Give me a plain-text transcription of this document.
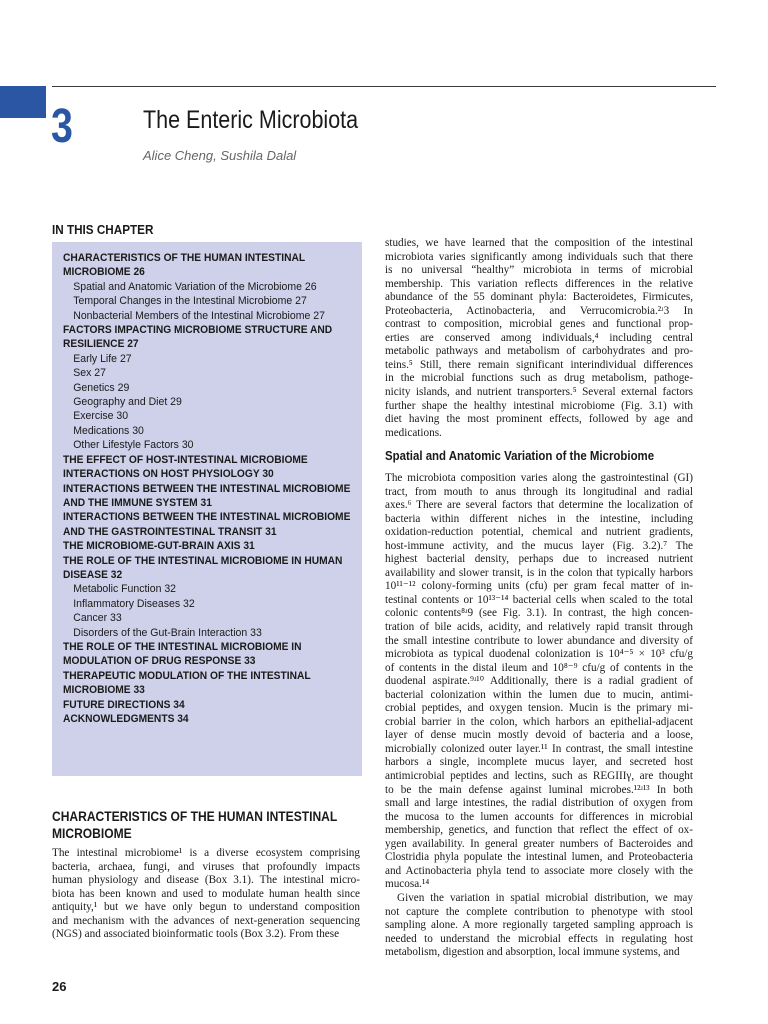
3	The Enteric Microbiota
Alice Cheng, Sushila Dalal
IN THIS CHAPTER
CHARACTERISTICS OF THE HUMAN INTESTINAL
MICROBIOME 26
Spatial and Anatomic Variation of the Microbiome 26
Temporal Changes in the Intestinal Microbiome 27
Nonbacterial Members of the Intestinal Microbiome 27
FACTORS IMPACTING MICROBIOME STRUCTURE AND
RESILIENCE 27
Early Life 27
Sex 27
Genetics 29
Geography and Diet 29
Exercise 30
Medications 30
Other Lifestyle Factors 30
THE EFFECT OF HOST-INTESTINAL MICROBIOME
INTERACTIONS ON HOST PHYSIOLOGY 30
INTERACTIONS BETWEEN THE INTESTINAL MICROBIOME
AND THE IMMUNE SYSTEM 31
INTERACTIONS BETWEEN THE INTESTINAL MICROBIOME
AND THE GASTROINTESTINAL TRANSIT 31
THE MICROBIOME-GUT-BRAIN AXIS 31
THE ROLE OF THE INTESTINAL MICROBIOME IN HUMAN
DISEASE 32
Metabolic Function 32
Inflammatory Diseases 32
Cancer 33
Disorders of the Gut-Brain Interaction 33
THE ROLE OF THE INTESTINAL MICROBIOME IN
MODULATION OF DRUG RESPONSE 33
THERAPEUTIC MODULATION OF THE INTESTINAL
MICROBIOME 33
FUTURE DIRECTIONS 34
ACKNOWLEDGMENTS 34
CHARACTERISTICS OF THE HUMAN INTESTINAL
MICROBIOME
The intestinal microbiome¹ is a diverse ecosystem comprising
bacteria, archaea, fungi, and viruses that profoundly impacts
human physiology and disease (Box 3.1). The intestinal micro-
biota has been known and used to modulate human health since
antiquity,¹ but we have only begun to understand composition
and mechanism with the advances of next-generation sequencing
(NGS) and associated bioinformatic tools (Box 3.2). From these
studies, we have learned that the composition of the intestinal
microbiota varies significantly among individuals such that there
is no universal “healthy” microbiota in terms of microbial
membership. This variation reflects differences in the relative
abundance of the 55 dominant phyla: Bacteroidetes, Firmicutes,
Proteobacteria, Actinobacteria, and Verrucomicrobia.²ʴ3 In
contrast to composition, microbial genes and functional prop-
erties are conserved among individuals,⁴ including central
metabolic pathways and metabolism of carbohydrates and pro-
teins.⁵ Still, there remain significant interindividual differences
in the microbial functions such as drug metabolism, pathoge-
nicity islands, and nutrient transporters.⁵ Several external factors
further shape the healthy intestinal microbiome (Fig. 3.1) with
diet having the most prominent effects, followed by age and
medications.
Spatial and Anatomic Variation of the Microbiome
The microbiota composition varies along the gastrointestinal (GI)
tract, from mouth to anus through its longitudinal and radial
axes.⁶ There are several factors that determine the localization of
bacteria within different niches in the intestine, including
oxidation-reduction potential, chemical and nutrient gradients,
host-immune activity, and the mucus layer (Fig. 3.2).⁷ The
highest bacterial density, perhaps due to increased nutrient
availability and slower transit, is in the colon that typically harbors
10¹¹⁻¹² colony-forming units (cfu) per gram fecal matter of in-
testinal contents or 10¹³⁻¹⁴ bacterial cells when scaled to the total
colonic contents⁸ʴ9 (see Fig. 3.1). In contrast, the high concen-
tration of bile acids, acidity, and relatively rapid transit through
the small intestine contribute to lower abundance and diversity of
microbiota as typical duodenal colonization is 10⁴⁻⁵ × 10³ cfu/g
of contents in the distal ileum and 10⁸⁻⁹ cfu/g of contents in the
duodenal aspirate.⁹ʴ¹⁰ Additionally, there is a radial gradient of
bacterial colonization within the lumen due to mucin, antimi-
crobial peptides, and oxygen tension. Mucin is the primary mi-
crobial barrier in the colon, which harbors an epithelial-adjacent
layer of dense mucin mostly devoid of bacteria and a loose,
microbially colonized outer layer.¹¹ In contrast, the small intestine
harbors a single, incomplete mucus layer, and secreted host
antimicrobial peptides and lectins, such as REGIIIγ, are thought
to be the main defense against luminal microbes.¹²ʴ¹³ In both
small and large intestines, the radial distribution of oxygen from
the mucosa to the lumen accounts for differences in microbial
membership, genetics, and function that reflect the effect of ox-
ygen availability. In general greater numbers of Bacteroides and
Clostridia phyla populate the intestinal lumen, and Proteobacteria
and Actinobacteria phyla tend to associate more closely with the
mucosa.¹⁴
Given the variation in spatial microbial distribution, we may
not capture the complete contribution to phenotype with stool
sampling alone. A more regionally targeted sampling approach is
needed to understand the microbial effects in regulating host
metabolism, digestion and absorption, local immune systems, and
26
